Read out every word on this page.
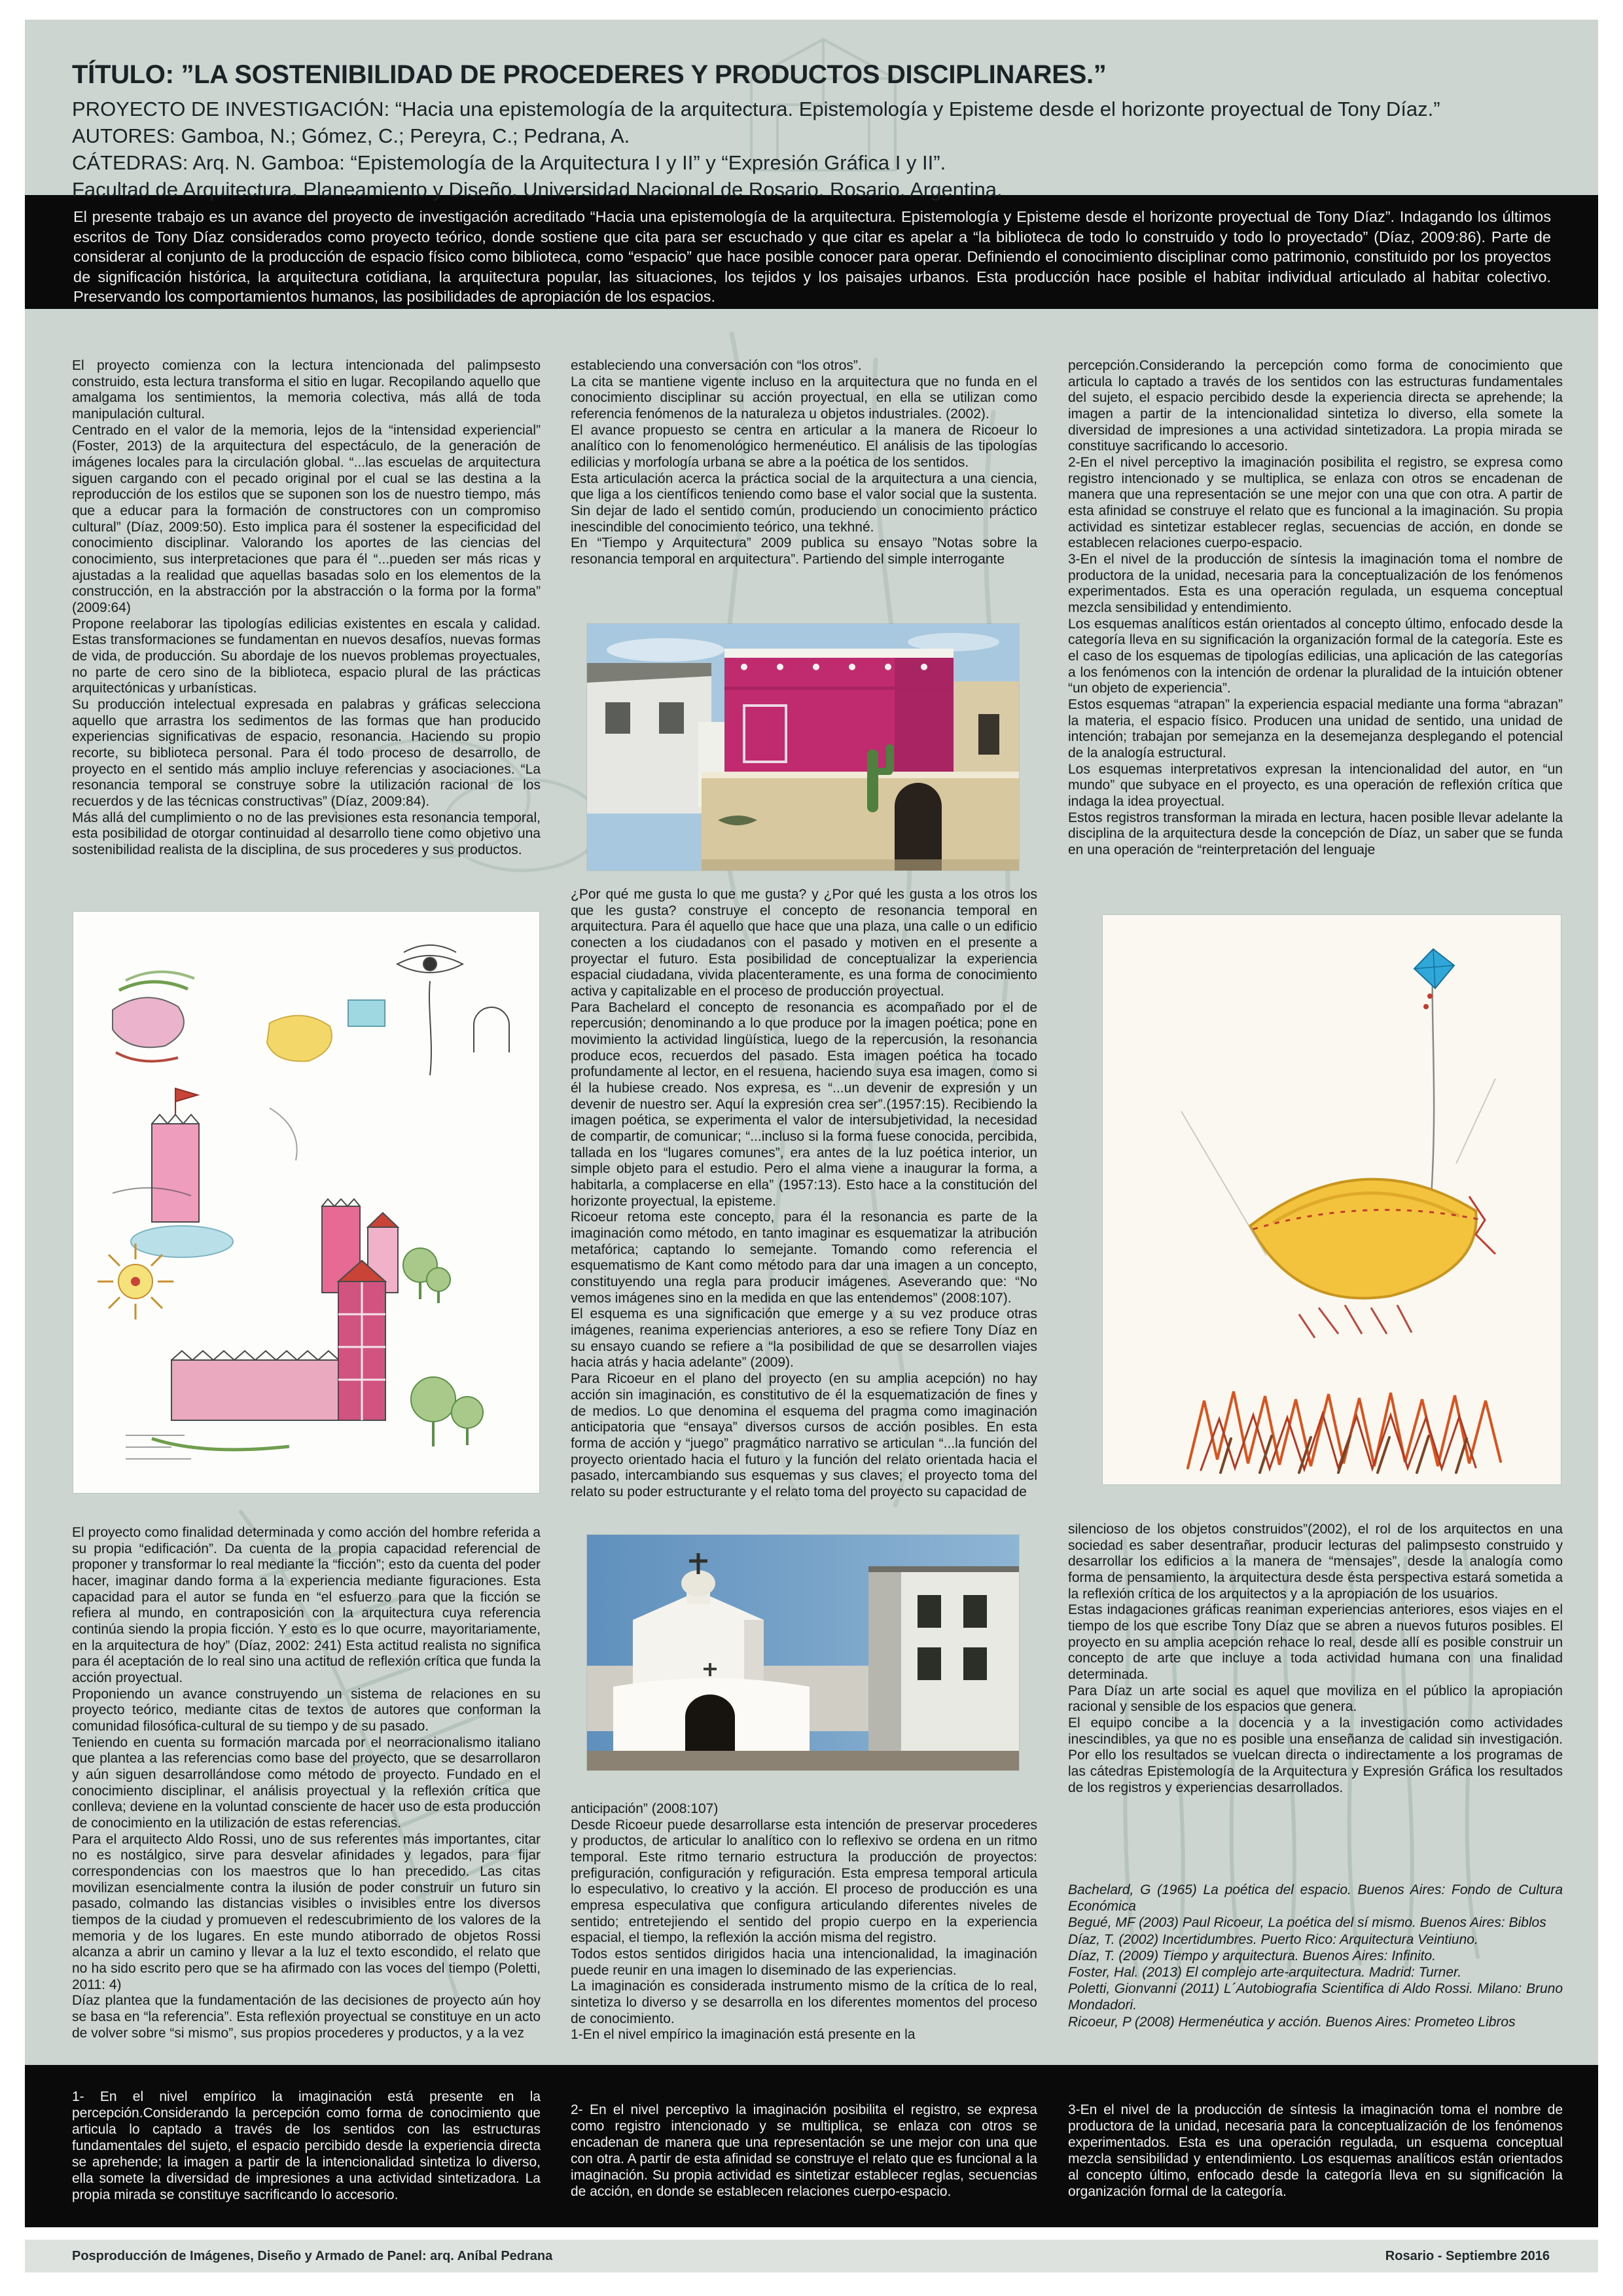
TÍTULO: ”LA SOSTENIBILIDAD DE PROCEDERES Y PRODUCTOS DISCIPLINARES.”
PROYECTO DE INVESTIGACIÓN: “Hacia una epistemología de la arquitectura. Epistemología y Episteme desde el horizonte proyectual de Tony Díaz.”
AUTORES: Gamboa, N.; Gómez, C.; Pereyra, C.; Pedrana, A.
CÁTEDRAS: Arq. N. Gamboa: “Epistemología de la Arquitectura I y II” y “Expresión Gráfica I y II”.
Facultad de Arquitectura, Planeamiento y Diseño, Universidad Nacional de Rosario. Rosario. Argentina.
El presente trabajo es un avance del proyecto de investigación acreditado “Hacia una epistemología de la arquitectura. Epistemología y Episteme desde el horizonte proyectual de Tony Díaz”. Indagando los últimos escritos de Tony Díaz considerados como proyecto teórico, donde sostiene que cita para ser escuchado y que citar es apelar a “la biblioteca de todo lo construido y todo lo proyectado” (Díaz, 2009:86). Parte de considerar al conjunto de la producción de espacio físico como biblioteca, como “espacio” que hace posible conocer para operar. Definiendo el conocimiento disciplinar como patrimonio, constituido por los proyectos de significación histórica, la arquitectura cotidiana, la arquitectura popular, las situaciones, los tejidos y los paisajes urbanos. Esta producción hace posible el habitar individual articulado al habitar colectivo. Preservando los comportamientos humanos, las posibilidades de apropiación de los espacios.

El proyecto comienza con la lectura intencionada del palimpsesto construido, esta lectura transforma el sitio en lugar. Recopilando aquello que amalgama los sentimientos, la memoria colectiva, más allá de toda manipulación cultural.

Centrado en el valor de la memoria, lejos de la “intensidad experiencial” (Foster, 2013) de la arquitectura del espectáculo, de la generación de imágenes locales para la circulación global. “...las escuelas de arquitectura siguen cargando con el pecado original por el cual se las destina a la reproducción de los estilos que se suponen son los de nuestro tiempo, más que a educar para la formación de constructores con un compromiso cultural” (Díaz, 2009:50). Esto implica para él sostener la especificidad del conocimiento disciplinar. Valorando los aportes de las ciencias del conocimiento, sus interpretaciones que para él “...pueden ser más ricas y ajustadas a la realidad que aquellas basadas solo en los elementos de la construcción, en la abstracción por la abstracción o la forma por la forma” (2009:64)

Propone reelaborar las tipologías edilicias existentes en escala y calidad. Estas transformaciones se fundamentan en nuevos desafíos, nuevas formas de vida, de producción. Su abordaje de los nuevos problemas proyectuales, no parte de cero sino de la biblioteca, espacio plural de las prácticas arquitectónicas y urbanísticas.

Su producción intelectual expresada en palabras y gráficas selecciona aquello que arrastra los sedimentos de las formas que han producido experiencias significativas de espacio, resonancia. Haciendo su propio recorte, su biblioteca personal. Para él todo proceso de desarrollo, de proyecto en el sentido más amplio incluye referencias y asociaciones. “La resonancia temporal se construye sobre la utilización racional de los recuerdos y de las técnicas constructivas” (Díaz, 2009:84).

Más allá del cumplimiento o no de las previsiones esta resonancia temporal, esta posibilidad de otorgar continuidad al desarrollo tiene como objetivo una sostenibilidad realista de la disciplina, de sus procederes y sus productos.

El proyecto como finalidad determinada y como acción del hombre referida a su propia “edificación”. Da cuenta de la propia capacidad referencial de proponer y transformar lo real mediante la “ficción”; esto da cuenta del poder hacer, imaginar dando forma a la experiencia mediante figuraciones. Esta capacidad para el autor se funda en “el esfuerzo para que la ficción se refiera al mundo, en contraposición con la arquitectura cuya referencia continúa siendo la propia ficción. Y esto es lo que ocurre, mayoritariamente, en la arquitectura de hoy” (Díaz, 2002: 241) Esta actitud realista no significa para él aceptación de lo real sino una actitud de reflexión crítica que funda la acción proyectual.

Proponiendo un avance construyendo un sistema de relaciones en su proyecto teórico, mediante citas de textos de autores que conforman la comunidad filosófica-cultural de su tiempo y de su pasado.

Teniendo en cuenta su formación marcada por el neorracionalismo italiano que plantea a las referencias como base del proyecto, que se desarrollaron y aún siguen desarrollándose como método de proyecto. Fundado en el conocimiento disciplinar, el análisis proyectual y la reflexión crítica que conlleva; deviene en la voluntad consciente de hacer uso de esta producción de conocimiento en la utilización de estas referencias.

Para el arquitecto Aldo Rossi, uno de sus referentes más importantes, citar no es nostálgico, sirve para desvelar afinidades y legados, para fijar correspondencias con los maestros que lo han precedido. Las citas movilizan esencialmente contra la ilusión de poder construir un futuro sin pasado, colmando las distancias visibles o invisibles entre los diversos tiempos de la ciudad y promueven el redescubrimiento de los valores de la memoria y de los lugares. En este mundo atiborrado de objetos Rossi alcanza a abrir un camino y llevar a la luz el texto escondido, el relato que no ha sido escrito pero que se ha afirmado con las voces del tiempo (Poletti, 2011: 4)

Díaz plantea que la fundamentación de las decisiones de proyecto aún hoy se basa en “la referencia”. Esta reflexión proyectual se constituye en un acto de volver sobre “si mismo”, sus propios procederes y productos, y a la vez

estableciendo una conversación con “los otros”.

La cita se mantiene vigente incluso en la arquitectura que no funda en el conocimiento disciplinar su acción proyectual, en ella se utilizan como referencia fenómenos de la naturaleza u objetos industriales. (2002).

El avance propuesto se centra en articular a la manera de Ricoeur lo analítico con lo fenomenológico hermenéutico. El análisis de las tipologías edilicias y morfología urbana se abre a la poética de los sentidos.

Esta articulación acerca la práctica social de la arquitectura a una ciencia, que liga a los científicos teniendo como base el valor social que la sustenta. Sin dejar de lado el sentido común, produciendo un conocimiento práctico inescindible del conocimiento teórico, una tekhné.

En “Tiempo y Arquitectura” 2009 publica su ensayo ”Notas sobre la resonancia temporal en arquitectura”. Partiendo del simple interrogante

¿Por qué me gusta lo que me gusta? y ¿Por qué les gusta a los otros los que les gusta? construye el concepto de resonancia temporal en arquitectura. Para él aquello que hace que una plaza, una calle o un edificio conecten a los ciudadanos con el pasado y motiven en el presente a proyectar el futuro. Esta posibilidad de conceptualizar la experiencia espacial ciudadana, vivida placenteramente, es una forma de conocimiento activa y capitalizable en el proceso de producción proyectual.

Para Bachelard el concepto de resonancia es acompañado por el de repercusión; denominando a lo que produce por la imagen poética; pone en movimiento la actividad lingüística, luego de la repercusión, la resonancia produce ecos, recuerdos del pasado. Esta imagen poética ha tocado profundamente al lector, en el resuena, haciendo suya esa imagen, como si él la hubiese creado. Nos expresa, es “...un devenir de expresión y un devenir de nuestro ser. Aquí la expresión crea ser”.(1957:15). Recibiendo la imagen poética, se experimenta el valor de intersubjetividad, la necesidad de compartir, de comunicar; “...incluso si la forma fuese conocida, percibida, tallada en los “lugares comunes”, era antes de la luz poética interior, un simple objeto para el estudio. Pero el alma viene a inaugurar la forma, a habitarla, a complacerse en ella” (1957:13). Esto hace a la constitución del horizonte proyectual, la episteme.

Ricoeur retoma este concepto, para él la resonancia es parte de la imaginación como método, en tanto imaginar es esquematizar la atribución metafórica; captando lo semejante. Tomando como referencia el esquematismo de Kant como método para dar una imagen a un concepto, constituyendo una regla para producir imágenes. Aseverando que: “No vemos imágenes sino en la medida en que las entendemos” (2008:107).

El esquema es una significación que emerge y a su vez produce otras imágenes, reanima experiencias anteriores, a eso se refiere Tony Díaz en su ensayo cuando se refiere a “la posibilidad de que se desarrollen viajes hacia atrás y hacia adelante” (2009).

Para Ricoeur en el plano del proyecto (en su amplia acepción) no hay acción sin imaginación, es constitutivo de él la esquematización de fines y de medios. Lo que denomina el esquema del pragma como imaginación anticipatoria que “ensaya” diversos cursos de acción posibles. En esta forma de acción y “juego” pragmático narrativo se articulan “...la función del proyecto orientado hacia el futuro y la función del relato orientada hacia el pasado, intercambiando sus esquemas y sus claves; el proyecto toma del relato su poder estructurante y el relato toma del proyecto su capacidad de

anticipación” (2008:107)

Desde Ricoeur puede desarrollarse esta intención de preservar procederes y productos, de articular lo analítico con lo reflexivo se ordena en un ritmo temporal. Este ritmo ternario estructura la producción de proyectos: prefiguración, configuración y refiguración. Esta empresa temporal articula lo especulativo, lo creativo y la acción. El proceso de producción es una empresa especulativa que configura articulando diferentes niveles de sentido; entretejiendo el sentido del propio cuerpo en la experiencia espacial, el tiempo, la reflexión la acción misma del registro.

Todos estos sentidos dirigidos hacia una intencionalidad, la imaginación puede reunir en una imagen lo diseminado de las experiencias.

La imaginación es considerada instrumento mismo de la crítica de lo real, sintetiza lo diverso y se desarrolla en los diferentes momentos del proceso de conocimiento.

1-En el nivel empírico la imaginación está presente en la

percepción.Considerando la percepción como forma de conocimiento que articula lo captado a través de los sentidos con las estructuras fundamentales del sujeto, el espacio percibido desde la experiencia directa se aprehende; la imagen a partir de la intencionalidad sintetiza lo diverso, ella somete la diversidad de impresiones a una actividad sintetizadora. La propia mirada se constituye sacrificando lo accesorio.

2-En el nivel perceptivo la imaginación posibilita el registro, se expresa como registro intencionado y se multiplica, se enlaza con otros se encadenan de manera que una representación se une mejor con una que con otra. A partir de esta afinidad se construye el relato que es funcional a la imaginación. Su propia actividad es sintetizar establecer reglas, secuencias de acción, en donde se establecen relaciones cuerpo-espacio.

3-En el nivel de la producción de síntesis la imaginación toma el nombre de productora de la unidad, necesaria para la conceptualización de los fenómenos experimentados. Esta es una operación regulada, un esquema conceptual mezcla sensibilidad y entendimiento.

Los esquemas analíticos están orientados al concepto último, enfocado desde la categoría lleva en su significación la organización formal de la categoría. Este es el caso de los esquemas de tipologías edilicias, una aplicación de las categorías a los fenómenos con la intención de ordenar la pluralidad de la intuición obtener “un objeto de experiencia”.

Estos esquemas “atrapan” la experiencia espacial mediante una forma “abrazan” la materia, el espacio físico. Producen una unidad de sentido, una unidad de intención; trabajan por semejanza en la desemejanza desplegando el potencial de la analogía estructural.

Los esquemas interpretativos expresan la intencionalidad del autor, en “un mundo” que subyace en el proyecto, es una operación de reflexión crítica que indaga la idea proyectual.

Estos registros transforman la mirada en lectura, hacen posible llevar adelante la disciplina de la arquitectura desde la concepción de Díaz, un saber que se funda en una operación de “reinterpretación del lenguaje

silencioso de los objetos construidos”(2002), el rol de los arquitectos en una sociedad es saber desentrañar, producir lecturas del palimpsesto construido y desarrollar los edificios a la manera de “mensajes”, desde la analogía como forma de pensamiento, la arquitectura desde ésta perspectiva estará sometida a la reflexión crítica de los arquitectos y a la apropiación de los usuarios.

Estas indagaciones gráficas reaniman experiencias anteriores, esos viajes en el tiempo de los que escribe Tony Díaz que se abren a nuevos futuros posibles. El proyecto en su amplia acepción rehace lo real, desde allí es posible construir un concepto de arte que incluye a toda actividad humana con una finalidad determinada.

Para Díaz un arte social es aquel que moviliza en el público la apropiación racional y sensible de los espacios que genera.

El equipo concibe a la docencia y a la investigación como actividades inescindibles, ya que no es posible una enseñanza de calidad sin investigación. Por ello los resultados se vuelcan directa o indirectamente a los programas de las cátedras Epistemología de la Arquitectura y Expresión Gráfica los resultados de los registros y experiencias desarrollados.

Bachelard, G (1965) La poética del espacio. Buenos Aires: Fondo de Cultura Económica

Begué, MF (2003) Paul Ricoeur, La poética del sí mismo. Buenos Aires: Biblos

Díaz, T. (2002) Incertidumbres. Puerto Rico: Arquitectura Veintiuno.

Díaz, T. (2009) Tiempo y arquitectura. Buenos Aires: Infinito.

Foster, Hal. (2013) El complejo arte-arquitectura. Madrid: Turner.

Poletti, Gionvanni (2011) L´Autobiografia Scientifica di Aldo Rossi. Milano: Bruno Mondadori.

Ricoeur, P (2008) Hermenéutica y acción. Buenos Aires: Prometeo Libros

1- En el nivel empírico la imaginación está presente en la percepción.Considerando la percepción como forma de conocimiento que articula lo captado a través de los sentidos con las estructuras fundamentales del sujeto, el espacio percibido desde la experiencia directa se aprehende; la imagen a partir de la intencionalidad sintetiza lo diverso, ella somete la diversidad de impresiones a una actividad sintetizadora. La propia mirada se constituye sacrificando lo accesorio.
2- En el nivel perceptivo la imaginación posibilita el registro, se expresa como registro intencionado y se multiplica, se enlaza con otros se encadenan de manera que una representación se une mejor con una que con otra. A partir de esta afinidad se construye el relato que es funcional a la imaginación. Su propia actividad es sintetizar establecer reglas, secuencias de acción, en donde se establecen relaciones cuerpo-espacio.
3-En el nivel de la producción de síntesis la imaginación toma el nombre de productora de la unidad, necesaria para la conceptualización de los fenómenos experimentados. Esta es una operación regulada, un esquema conceptual mezcla sensibilidad y entendimiento. Los esquemas analíticos están orientados al concepto último, enfocado desde la categoría lleva en su significación la organización formal de la categoría.
Posproducción de Imágenes, Diseño y Armado de Panel: arq. Aníbal Pedrana	Rosario - Septiembre 2016
